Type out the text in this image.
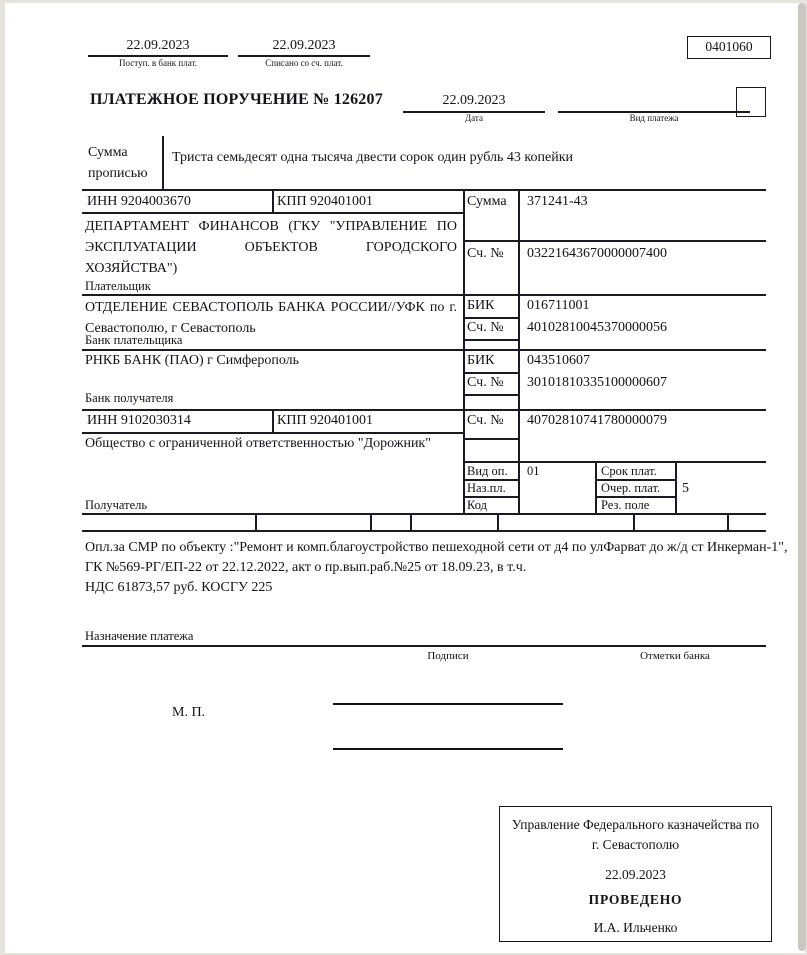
22.09.2023
Поступ. в банк плат.
22.09.2023
Списано со сч. плат.
0401060
ПЛАТЕЖНОЕ ПОРУЧЕНИЕ № 126207	22.09.2023
Дата	Вид платежа
Сумма прописью
Триста семьдесят одна тысяча двести сорок один рубль 43 копейки
ИНН 9204003670	КПП 920401001	Сумма 371241-43
ДЕПАРТАМЕНТ ФИНАНСОВ (ГКУ "УПРАВЛЕНИЕ ПО ЭКСПЛУАТАЦИИ ОБЪЕКТОВ ГОРОДСКОГО ХОЗЯЙСТВА")
Плательщик
Сч. № 03221643670000007400
ОТДЕЛЕНИЕ СЕВАСТОПОЛЬ БАНКА РОССИИ//УФК по г. Севастополю, г Севастополь
Банк плательщика
БИК 016711001
Сч. № 40102810045370000056
РНКБ БАНК (ПАО) г Симферополь
Банк получателя
БИК 043510607
Сч. № 30101810335100000607
ИНН 9102030314	КПП 920401001	Сч. № 40702810741780000079
Общество с ограниченной ответственностью "Дорожник"
Получатель
Вид оп. 01
Наз.пл.
Код
Срок плат.
Очер. плат. 5
Рез. поле
Опл.за СМР по объекту :"Ремонт и комп.благоустройство пешеходной сети от д4 по улФарват до ж/д ст Инкерман-1",
ГК №569-РГ/ЕП-22 от 22.12.2022, акт о пр.вып.раб.№25 от 18.09.23, в т.ч.
НДС 61873,57 руб. КОСГУ 225
Назначение платежа
Подписи	Отметки банка
М. П.
Управление Федерального казначейства по
г. Севастополю
22.09.2023
ПРОВЕДЕНО
И.А. Ильченко
